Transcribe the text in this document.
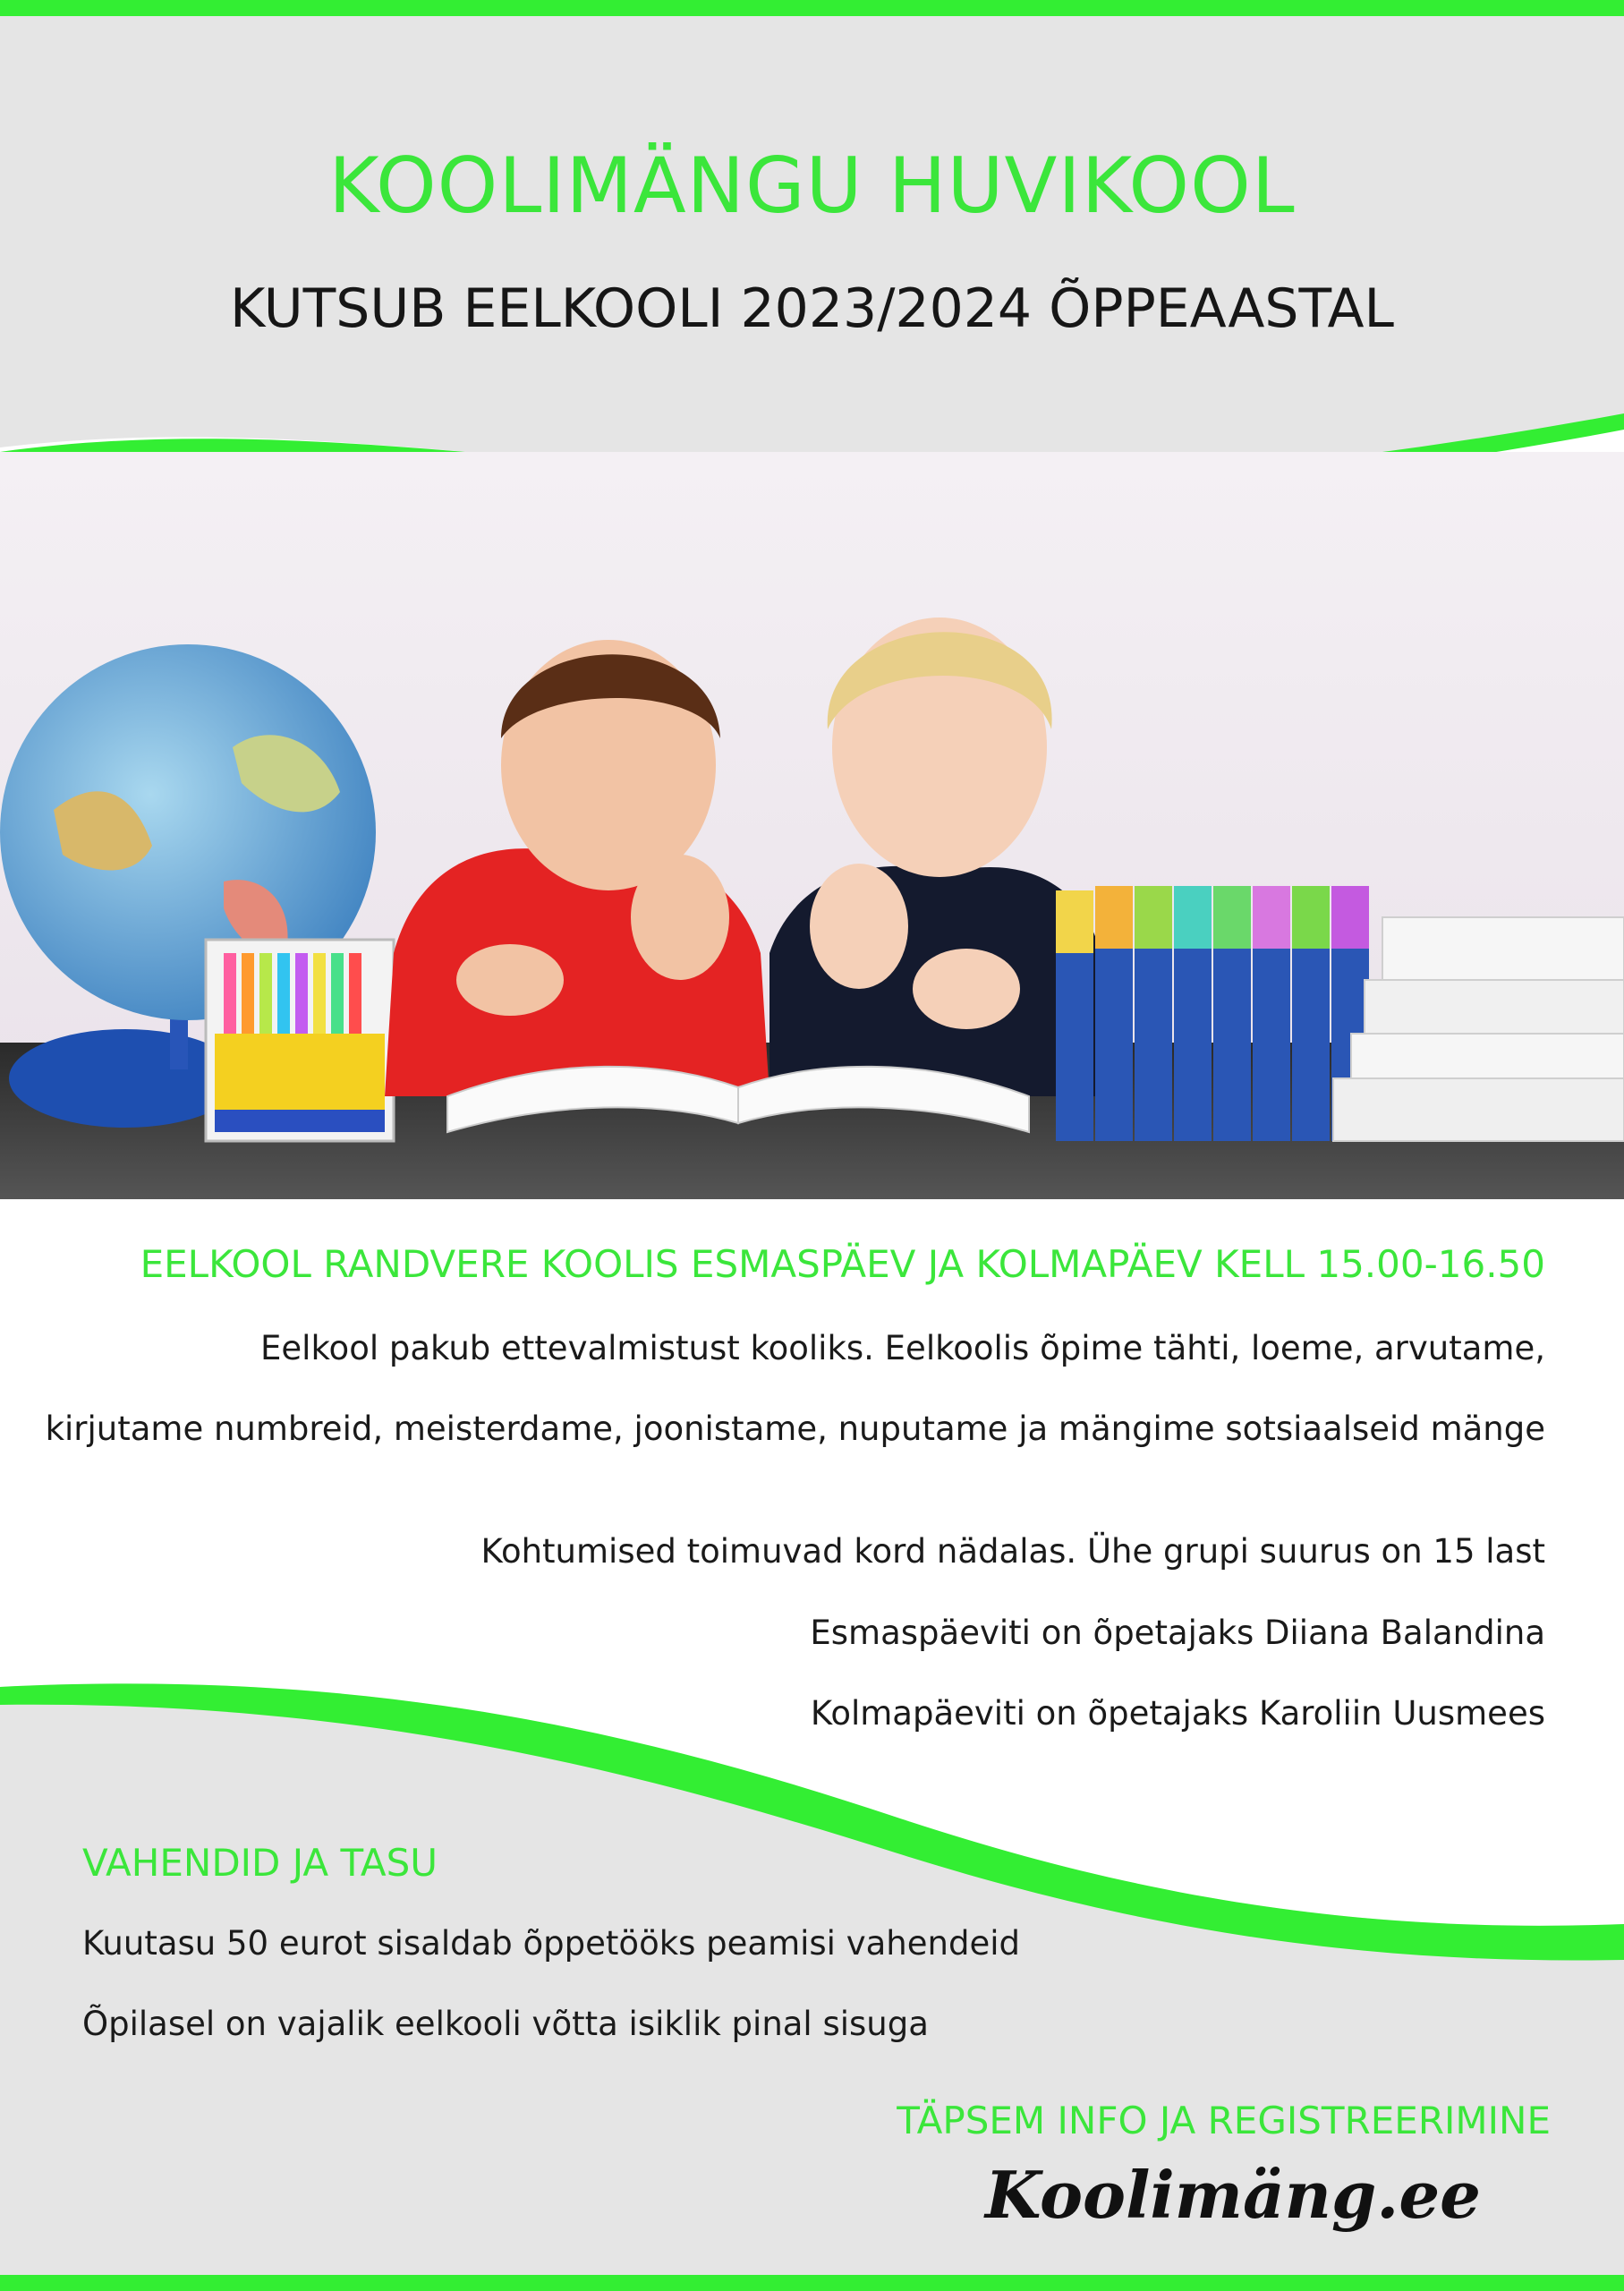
KOOLIMÄNGU HUVIKOOL
KUTSUB EELKOOLI 2023/2024 ÕPPEAASTAL
EELKOOL RANDVERE KOOLIS ESMASPÄEV JA KOLMAPÄEV KELL 15.00-16.50
Eelkool pakub ettevalmistust kooliks. Eelkoolis õpime tähti, loeme, arvutame,
kirjutame numbreid, meisterdame, joonistame, nuputame ja mängime sotsiaalseid mänge
Kohtumised toimuvad kord nädalas. Ühe grupi suurus on 15 last
Esmaspäeviti on õpetajaks Diiana Balandina
Kolmapäeviti on õpetajaks Karoliin Uusmees
VAHENDID JA TASU
Kuutasu 50 eurot sisaldab õppetööks peamisi vahendeid
Õpilasel on vajalik eelkooli võtta isiklik pinal sisuga
TÄPSEM INFO JA REGISTREERIMINE
Koolimäng.ee
